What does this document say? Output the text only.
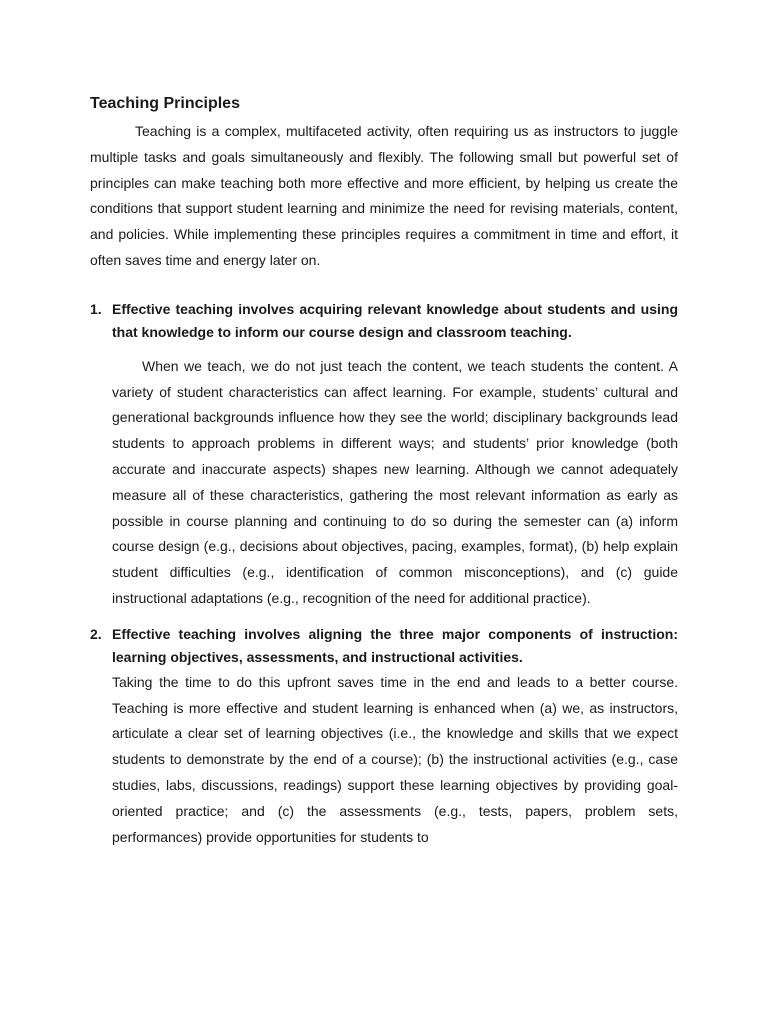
Teaching Principles

Teaching is a complex, multifaceted activity, often requiring us as instructors to juggle multiple tasks and goals simultaneously and flexibly. The following small but powerful set of principles can make teaching both more effective and more efficient, by helping us create the conditions that support student learning and minimize the need for revising materials, content, and policies. While implementing these principles requires a commitment in time and effort, it often saves time and energy later on.

1. Effective teaching involves acquiring relevant knowledge about students and using that knowledge to inform our course design and classroom teaching.

When we teach, we do not just teach the content, we teach students the content. A variety of student characteristics can affect learning. For example, students’ cultural and generational backgrounds influence how they see the world; disciplinary backgrounds lead students to approach problems in different ways; and students’ prior knowledge (both accurate and inaccurate aspects) shapes new learning. Although we cannot adequately measure all of these characteristics, gathering the most relevant information as early as possible in course planning and continuing to do so during the semester can (a) inform course design (e.g., decisions about objectives, pacing, examples, format), (b) help explain student difficulties (e.g., identification of common misconceptions), and (c) guide instructional adaptations (e.g., recognition of the need for additional practice).

2. Effective teaching involves aligning the three major components of instruction: learning objectives, assessments, and instructional activities.

Taking the time to do this upfront saves time in the end and leads to a better course. Teaching is more effective and student learning is enhanced when (a) we, as instructors, articulate a clear set of learning objectives (i.e., the knowledge and skills that we expect students to demonstrate by the end of a course); (b) the instructional activities (e.g., case studies, labs, discussions, readings) support these learning objectives by providing goal-oriented practice; and (c) the assessments (e.g., tests, papers, problem sets, performances) provide opportunities for students to
